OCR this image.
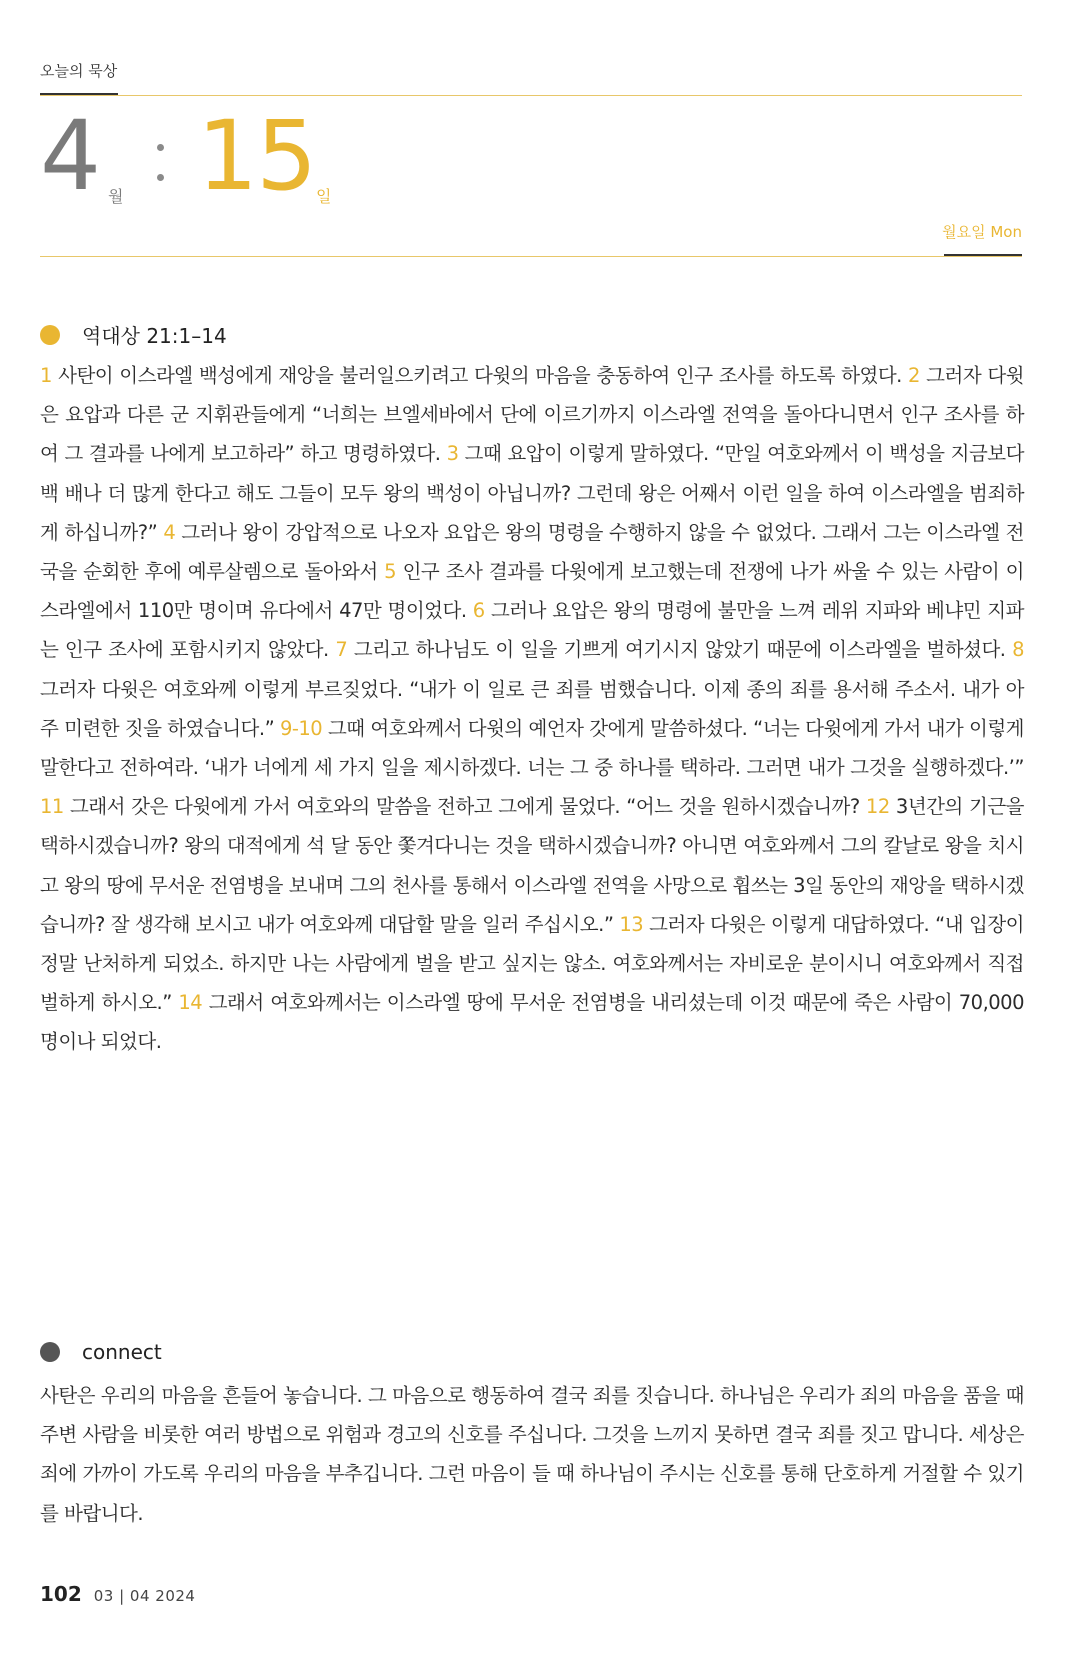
오늘의 묵상
4 월 15 일
월요일 Mon
역대상 21:1–14
1 사탄이 이스라엘 백성에게 재앙을 불러일으키려고 다윗의 마음을 충동하여 인구 조사를 하도록 하였다. 2 그러자 다윗은 요압과 다른 군 지휘관들에게 “너희는 브엘세바에서 단에 이르기까지 이스라엘 전역을 돌아다니면서 인구 조사를 하여 그 결과를 나에게 보고하라” 하고 명령하였다. 3 그때 요압이 이렇게 말하였다. “만일 여호와께서 이 백성을 지금보다 백 배나 더 많게 한다고 해도 그들이 모두 왕의 백성이 아닙니까? 그런데 왕은 어째서 이런 일을 하여 이스라엘을 범죄하게 하십니까?” 4 그러나 왕이 강압적으로 나오자 요압은 왕의 명령을 수행하지 않을 수 없었다. 그래서 그는 이스라엘 전국을 순회한 후에 예루살렘으로 돌아와서 5 인구 조사 결과를 다윗에게 보고했는데 전쟁에 나가 싸울 수 있는 사람이 이스라엘에서 110만 명이며 유다에서 47만 명이었다. 6 그러나 요압은 왕의 명령에 불만을 느껴 레위 지파와 베냐민 지파는 인구 조사에 포함시키지 않았다. 7 그리고 하나님도 이 일을 기쁘게 여기시지 않았기 때문에 이스라엘을 벌하셨다. 8 그러자 다윗은 여호와께 이렇게 부르짖었다. “내가 이 일로 큰 죄를 범했습니다. 이제 종의 죄를 용서해 주소서. 내가 아주 미련한 짓을 하였습니다.” 9-10 그때 여호와께서 다윗의 예언자 갓에게 말씀하셨다. “너는 다윗에게 가서 내가 이렇게 말한다고 전하여라. ‘내가 너에게 세 가지 일을 제시하겠다. 너는 그 중 하나를 택하라. 그러면 내가 그것을 실행하겠다.’” 11 그래서 갓은 다윗에게 가서 여호와의 말씀을 전하고 그에게 물었다. “어느 것을 원하시겠습니까? 12 3년간의 기근을 택하시겠습니까? 왕의 대적에게 석 달 동안 쫓겨다니는 것을 택하시겠습니까? 아니면 여호와께서 그의 칼날로 왕을 치시고 왕의 땅에 무서운 전염병을 보내며 그의 천사를 통해서 이스라엘 전역을 사망으로 휩쓰는 3일 동안의 재앙을 택하시겠습니까? 잘 생각해 보시고 내가 여호와께 대답할 말을 일러 주십시오.” 13 그러자 다윗은 이렇게 대답하였다. “내 입장이 정말 난처하게 되었소. 하지만 나는 사람에게 벌을 받고 싶지는 않소. 여호와께서는 자비로운 분이시니 여호와께서 직접 벌하게 하시오.” 14 그래서 여호와께서는 이스라엘 땅에 무서운 전염병을 내리셨는데 이것 때문에 죽은 사람이 70,000명이나 되었다.
connect
사탄은 우리의 마음을 흔들어 놓습니다. 그 마음으로 행동하여 결국 죄를 짓습니다. 하나님은 우리가 죄의 마음을 품을 때 주변 사람을 비롯한 여러 방법으로 위험과 경고의 신호를 주십니다. 그것을 느끼지 못하면 결국 죄를 짓고 맙니다. 세상은 죄에 가까이 가도록 우리의 마음을 부추깁니다. 그런 마음이 들 때 하나님이 주시는 신호를 통해 단호하게 거절할 수 있기를 바랍니다.
102 03 | 04 2024
